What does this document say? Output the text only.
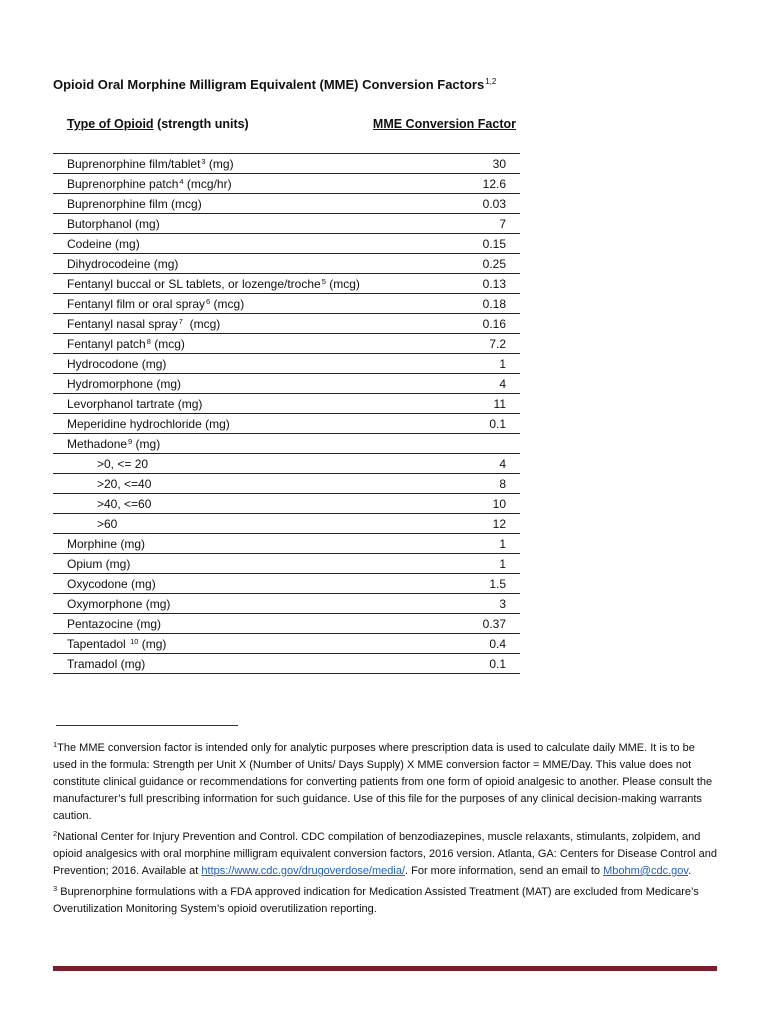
Opioid Oral Morphine Milligram Equivalent (MME) Conversion Factors$^{1,2}$
Type of Opioid (strength units)	MME Conversion Factor
Buprenorphine film/tablet$^3$ (mg)	30
Buprenorphine patch$^4$ (mcg/hr)	12.6
Buprenorphine film (mcg)	0.03
Butorphanol (mg)	7
Codeine (mg)	0.15
Dihydrocodeine (mg)	0.25
Fentanyl buccal or SL tablets, or lozenge/troche$^5$ (mcg)	0.13
Fentanyl film or oral spray$^6$ (mcg)	0.18
Fentanyl nasal spray$^7$  (mcg)	0.16
Fentanyl patch$^8$ (mcg)	7.2
Hydrocodone (mg)	1
Hydromorphone (mg)	4
Levorphanol tartrate (mg)	11
Meperidine hydrochloride (mg)	0.1
Methadone$^9$ (mg)	
>0, <= 20	4
>20, <=40	8
>40, <=60	10
>60	12
Morphine (mg)	1
Opium (mg)	1
Oxycodone (mg)	1.5
Oxymorphone (mg)	3
Pentazocine (mg)	0.37
Tapentadol $^{10}$ (mg)	0.4
Tramadol (mg)	0.1

$^1$The MME conversion factor is intended only for analytic purposes where prescription data is used to calculate daily MME. It is to be used in the formula: Strength per Unit X (Number of Units/ Days Supply) X MME conversion factor = MME/Day. This value does not constitute clinical guidance or recommendations for converting patients from one form of opioid analgesic to another. Please consult the manufacturer’s full prescribing information for such guidance. Use of this file for the purposes of any clinical decision-making warrants caution.

$^2$National Center for Injury Prevention and Control. CDC compilation of benzodiazepines, muscle relaxants, stimulants, zolpidem, and opioid analgesics with oral morphine milligram equivalent conversion factors, 2016 version. Atlanta, GA: Centers for Disease Control and Prevention; 2016. Available at https://www.cdc.gov/drugoverdose/media/. For more information, send an email to Mbohm@cdc.gov.

$^3$ Buprenorphine formulations with a FDA approved indication for Medication Assisted Treatment (MAT) are excluded from Medicare’s Overutilization Monitoring System’s opioid overutilization reporting.
